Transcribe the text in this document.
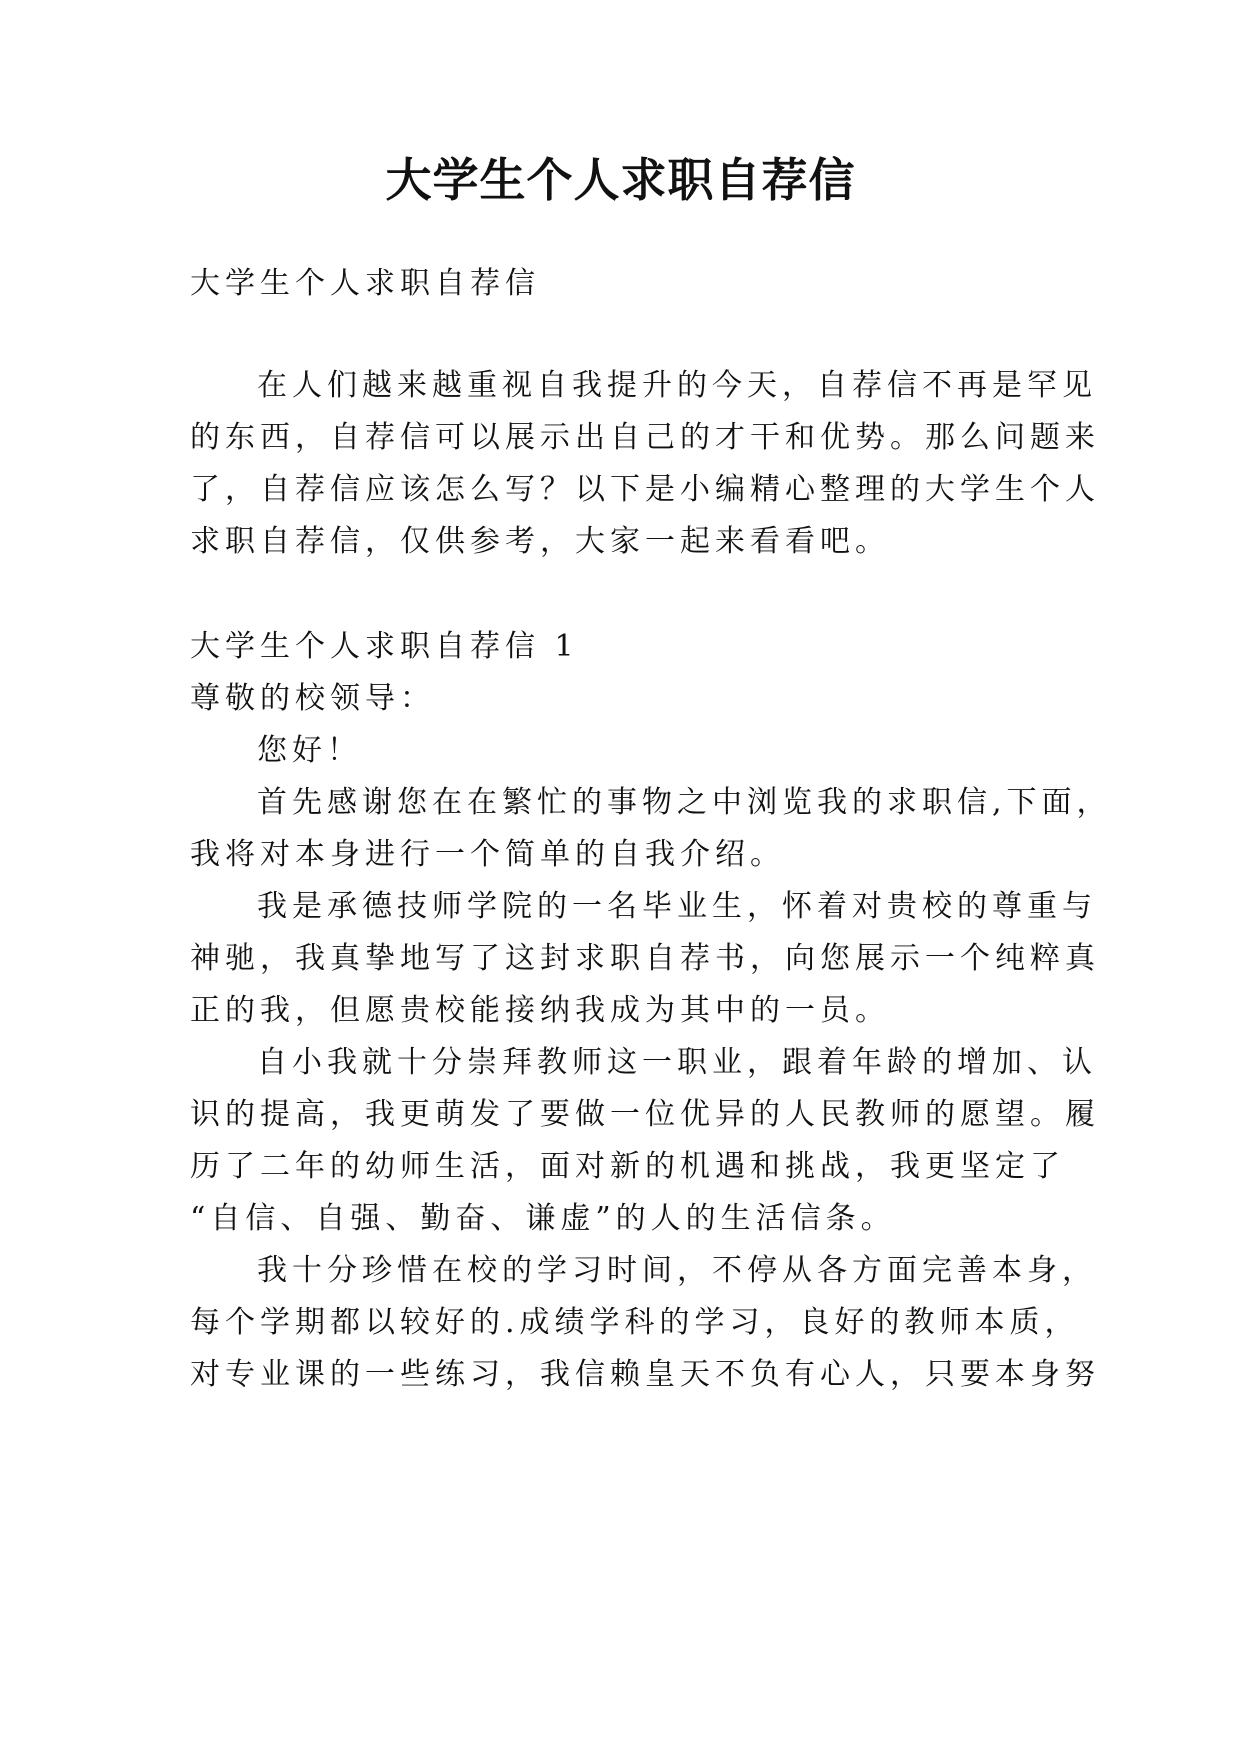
大学生个人求职自荐信

大学生个人求职自荐信

在人们越来越重视自我提升的今天，自荐信不再是罕见

的东西，自荐信可以展示出自己的才干和优势。那么问题来

了，自荐信应该怎么写？以下是小编精心整理的大学生个人

求职自荐信，仅供参考，大家一起来看看吧。

大学生个人求职自荐信 1

尊敬的校领导：

您好！

首先感谢您在在繁忙的事物之中浏览我的求职信,下面，

我将对本身进行一个简单的自我介绍。

我是承德技师学院的一名毕业生，怀着对贵校的尊重与

神驰，我真挚地写了这封求职自荐书，向您展示一个纯粹真

正的我，但愿贵校能接纳我成为其中的一员。

自小我就十分崇拜教师这一职业，跟着年龄的增加、认

识的提高，我更萌发了要做一位优异的人民教师的愿望。履

历了二年的幼师生活，面对新的机遇和挑战，我更坚定了

“自信、自强、勤奋、谦虚”的人的生活信条。

我十分珍惜在校的学习时间，不停从各方面完善本身，

每个学期都以较好的.成绩学科的学习，良好的教师本质，

对专业课的一些练习，我信赖皇天不负有心人，只要本身努
